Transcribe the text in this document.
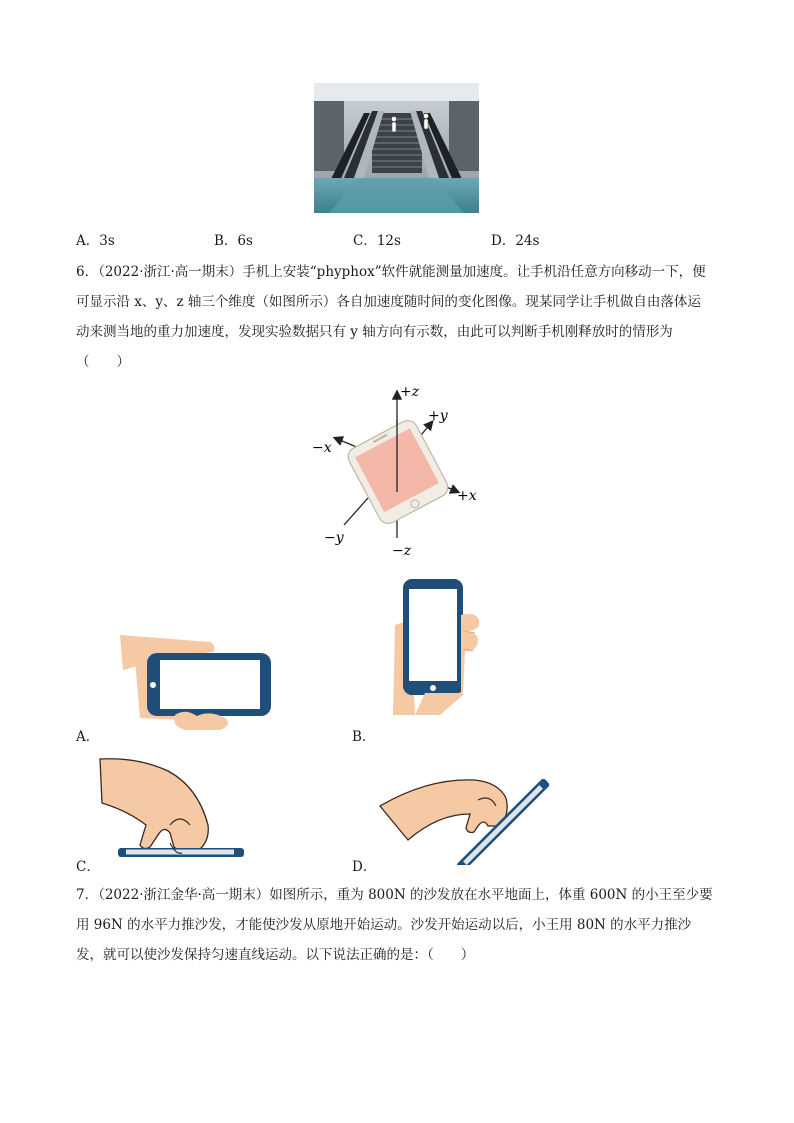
A．3s	B．6s	C．12s	D．24s
6．（2022·浙江·高一期末）手机上安装“phyphox”软件就能测量加速度。让手机沿任意方向移动一下，便
可显示沿 x、y、z 轴三个维度（如图所示）各自加速度随时间的变化图像。现某同学让手机做自由落体运
动来测当地的重力加速度，发现实验数据只有 y 轴方向有示数，由此可以判断手机刚释放时的情形为
（　　）
+z
+y
−x
+x
−y
−z
A．	B．
C．	D．
7．（2022·浙江金华·高一期末）如图所示，重为 800N 的沙发放在水平地面上，体重 600N 的小王至少要
用 96N 的水平力推沙发，才能使沙发从原地开始运动。沙发开始运动以后，小王用 80N 的水平力推沙
发，就可以使沙发保持匀速直线运动。以下说法正确的是：（　　）
